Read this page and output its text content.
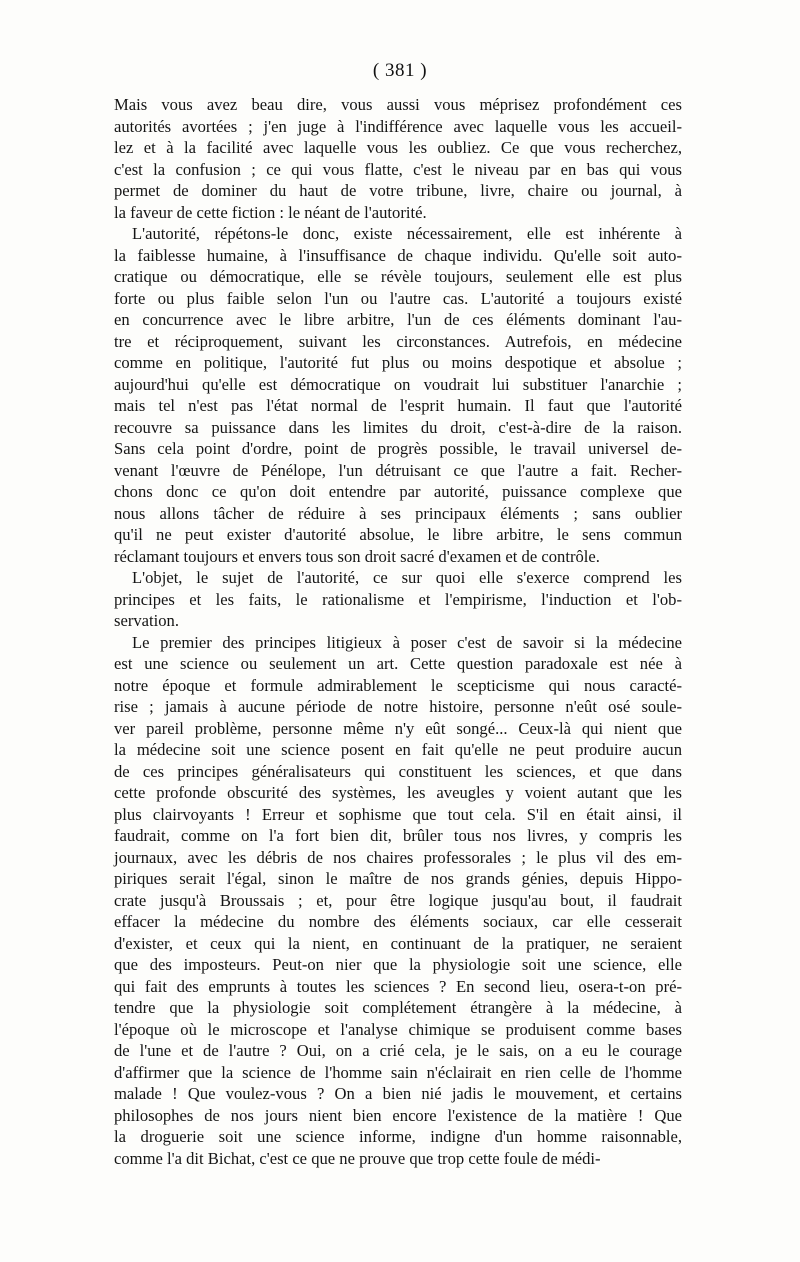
( 381 )
Mais vous avez beau dire, vous aussi vous méprisez profondément ces
autorités avortées ; j'en juge à l'indifférence avec laquelle vous les accueil-
lez et à la facilité avec laquelle vous les oubliez. Ce que vous recherchez,
c'est la confusion ; ce qui vous flatte, c'est le niveau par en bas qui vous
permet de dominer du haut de votre tribune, livre, chaire ou journal, à
la faveur de cette fiction : le néant de l'autorité.
L'autorité, répétons-le donc, existe nécessairement, elle est inhérente à
la faiblesse humaine, à l'insuffisance de chaque individu. Qu'elle soit auto-
cratique ou démocratique, elle se révèle toujours, seulement elle est plus
forte ou plus faible selon l'un ou l'autre cas. L'autorité a toujours existé
en concurrence avec le libre arbitre, l'un de ces éléments dominant l'au-
tre et réciproquement, suivant les circonstances. Autrefois, en médecine
comme en politique, l'autorité fut plus ou moins despotique et absolue ;
aujourd'hui qu'elle est démocratique on voudrait lui substituer l'anarchie ;
mais tel n'est pas l'état normal de l'esprit humain. Il faut que l'autorité
recouvre sa puissance dans les limites du droit, c'est-à-dire de la raison.
Sans cela point d'ordre, point de progrès possible, le travail universel de-
venant l'œuvre de Pénélope, l'un détruisant ce que l'autre a fait. Recher-
chons donc ce qu'on doit entendre par autorité, puissance complexe que
nous allons tâcher de réduire à ses principaux éléments ; sans oublier
qu'il ne peut exister d'autorité absolue, le libre arbitre, le sens commun
réclamant toujours et envers tous son droit sacré d'examen et de contrôle.
L'objet, le sujet de l'autorité, ce sur quoi elle s'exerce comprend les
principes et les faits, le rationalisme et l'empirisme, l'induction et l'ob-
servation.
Le premier des principes litigieux à poser c'est de savoir si la médecine
est une science ou seulement un art. Cette question paradoxale est née à
notre époque et formule admirablement le scepticisme qui nous caracté-
rise ; jamais à aucune période de notre histoire, personne n'eût osé soule-
ver pareil problème, personne même n'y eût songé... Ceux-là qui nient que
la médecine soit une science posent en fait qu'elle ne peut produire aucun
de ces principes généralisateurs qui constituent les sciences, et que dans
cette profonde obscurité des systèmes, les aveugles y voient autant que les
plus clairvoyants ! Erreur et sophisme que tout cela. S'il en était ainsi, il
faudrait, comme on l'a fort bien dit, brûler tous nos livres, y compris les
journaux, avec les débris de nos chaires professorales ; le plus vil des em-
piriques serait l'égal, sinon le maître de nos grands génies, depuis Hippo-
crate jusqu'à Broussais ; et, pour être logique jusqu'au bout, il faudrait
effacer la médecine du nombre des éléments sociaux, car elle cesserait
d'exister, et ceux qui la nient, en continuant de la pratiquer, ne seraient
que des imposteurs. Peut-on nier que la physiologie soit une science, elle
qui fait des emprunts à toutes les sciences ? En second lieu, osera-t-on pré-
tendre que la physiologie soit complétement étrangère à la médecine, à
l'époque où le microscope et l'analyse chimique se produisent comme bases
de l'une et de l'autre ? Oui, on a crié cela, je le sais, on a eu le courage
d'affirmer que la science de l'homme sain n'éclairait en rien celle de l'homme
malade ! Que voulez-vous ? On a bien nié jadis le mouvement, et certains
philosophes de nos jours nient bien encore l'existence de la matière ! Que
la droguerie soit une science informe, indigne d'un homme raisonnable,
comme l'a dit Bichat, c'est ce que ne prouve que trop cette foule de médi-
